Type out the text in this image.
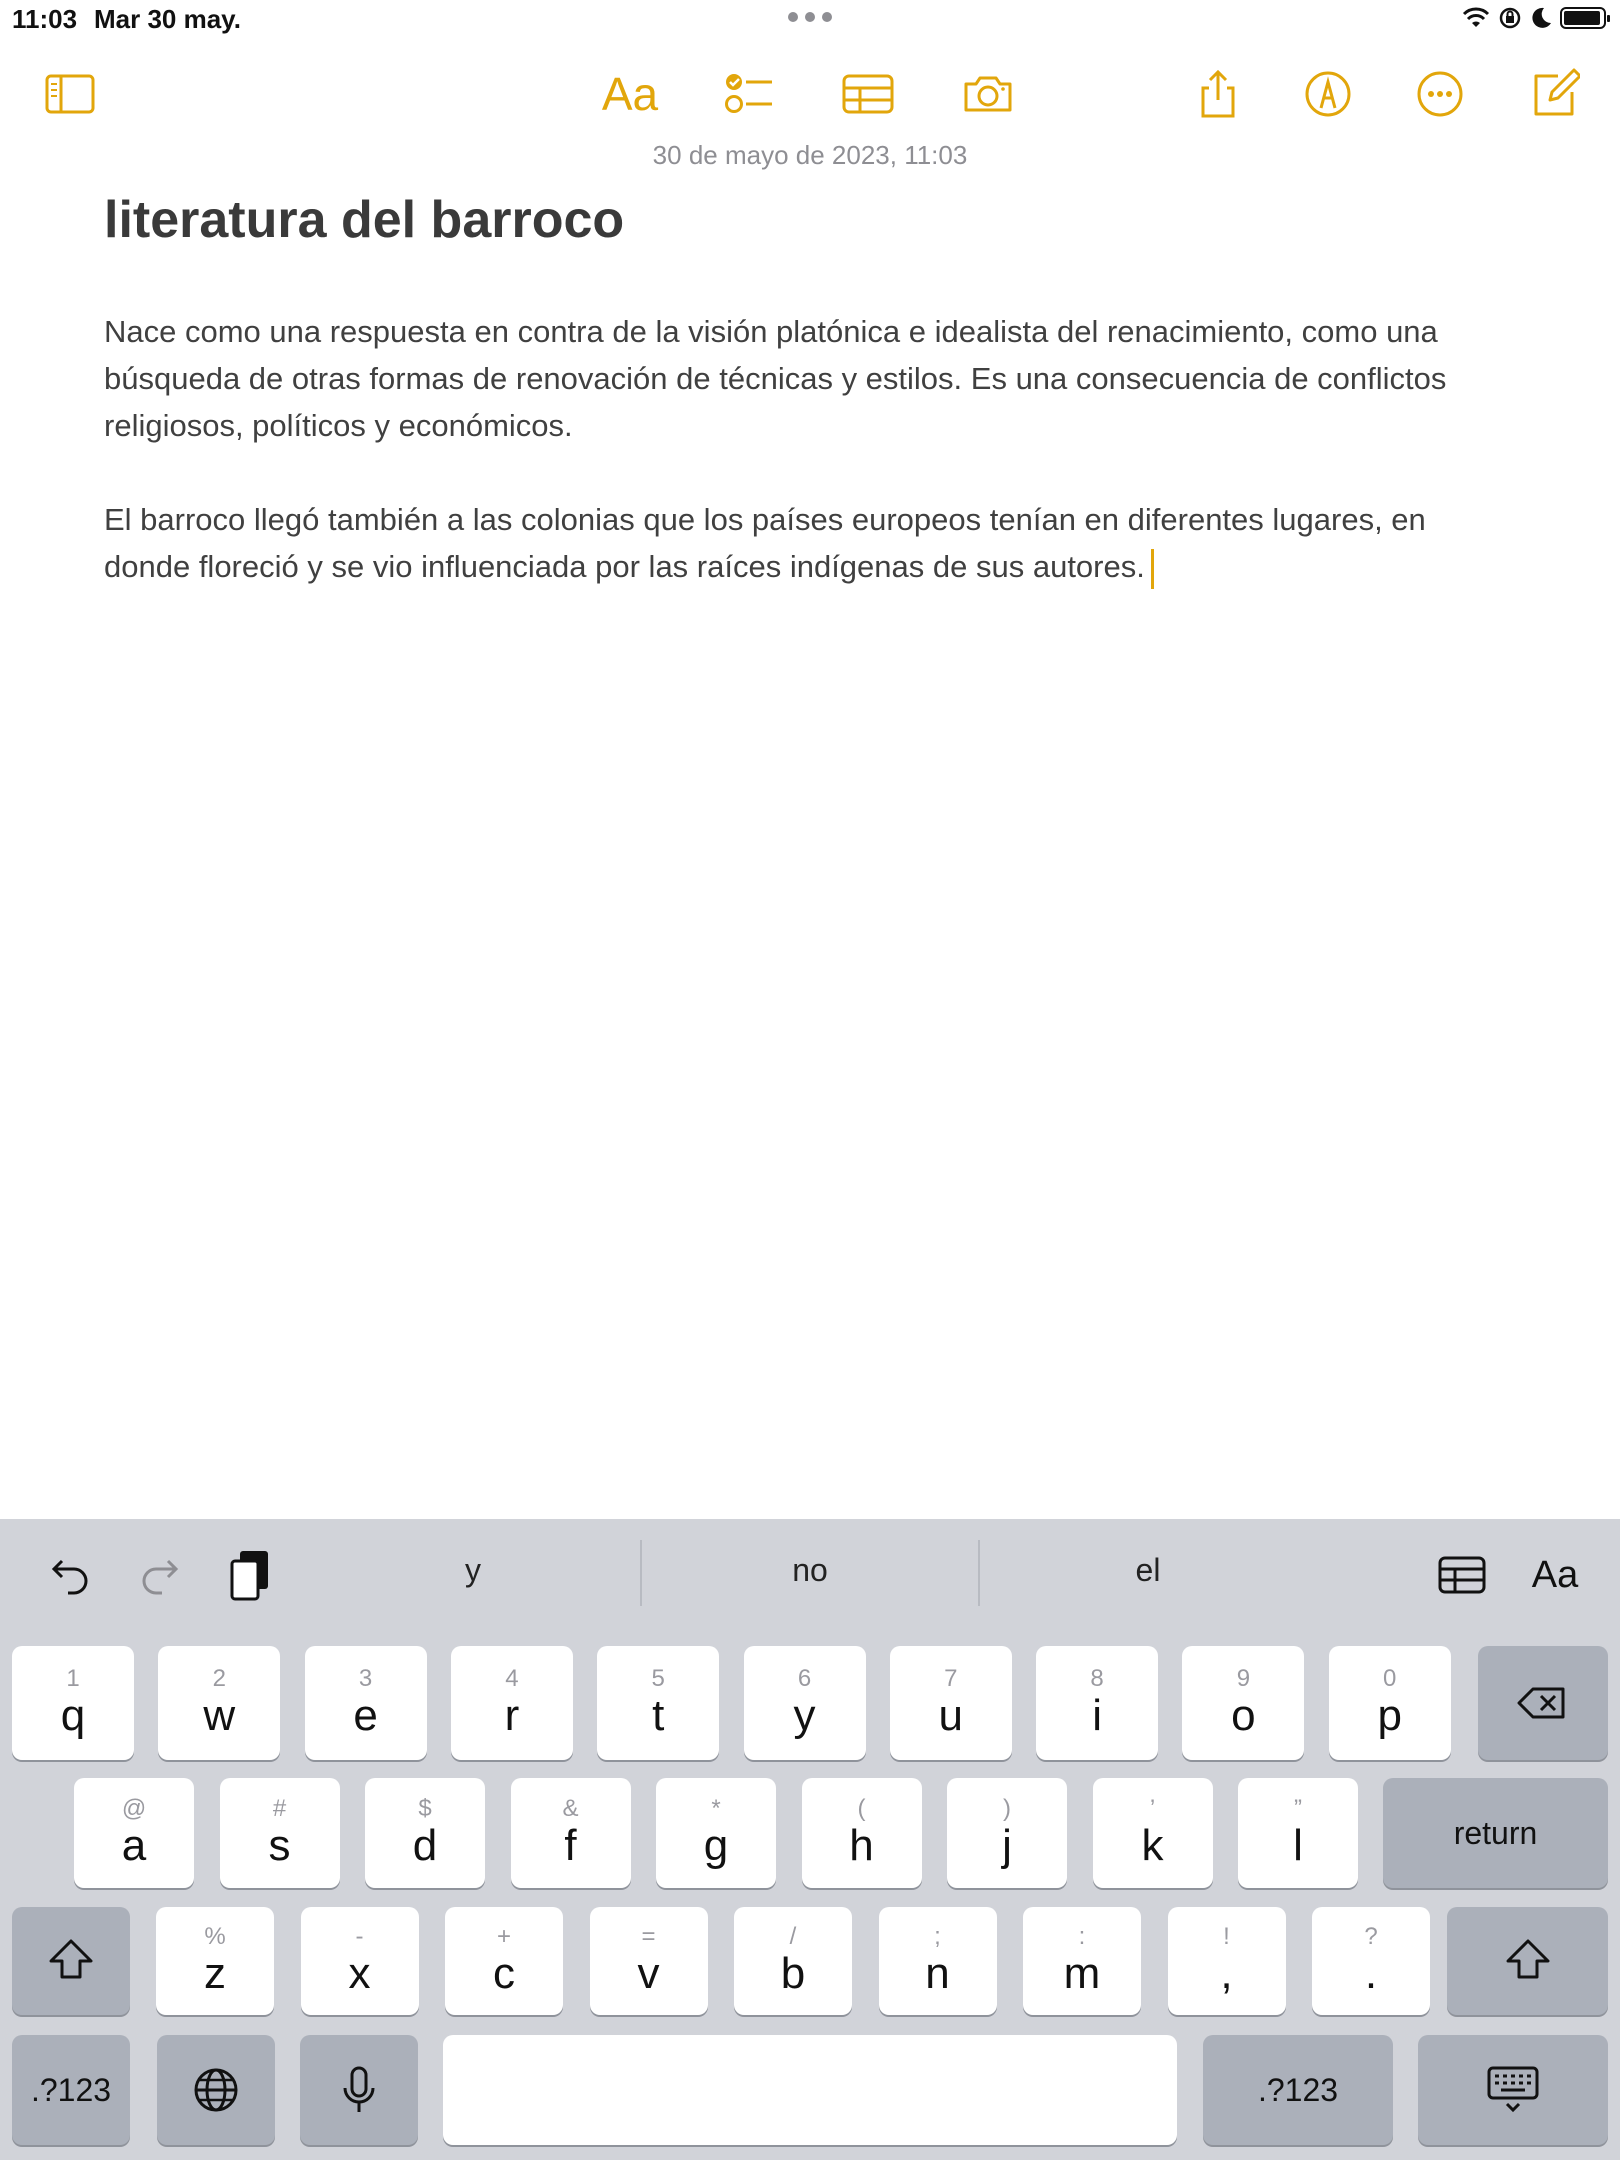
11:03 Mar 30 may.
Aa
30 de mayo de 2023, 11:03
literatura del barroco

Nace como una respuesta en contra de la visión platónica e idealista del renacimiento, como una búsqueda de otras formas de renovación de técnicas y estilos. Es una consecuencia de conflictos religiosos, políticos y económicos.

El barroco llegó también a las colonias que los países europeos tenían en diferentes lugares, en donde floreció y se vio influenciada por las raíces indígenas de sus autores.

y	no	el	Aa
1
q
2
w
3
e
4
r
5
t
6
y
7
u
8
i
9
o
0
p
@
a
#
s
$
d
&
f
*
g
(
h
)
j
’
k
”
l	return
%
z
-
x
+
c
=
v
/
b
;
n
:
m
!
,
?
.
.?123	.?123
